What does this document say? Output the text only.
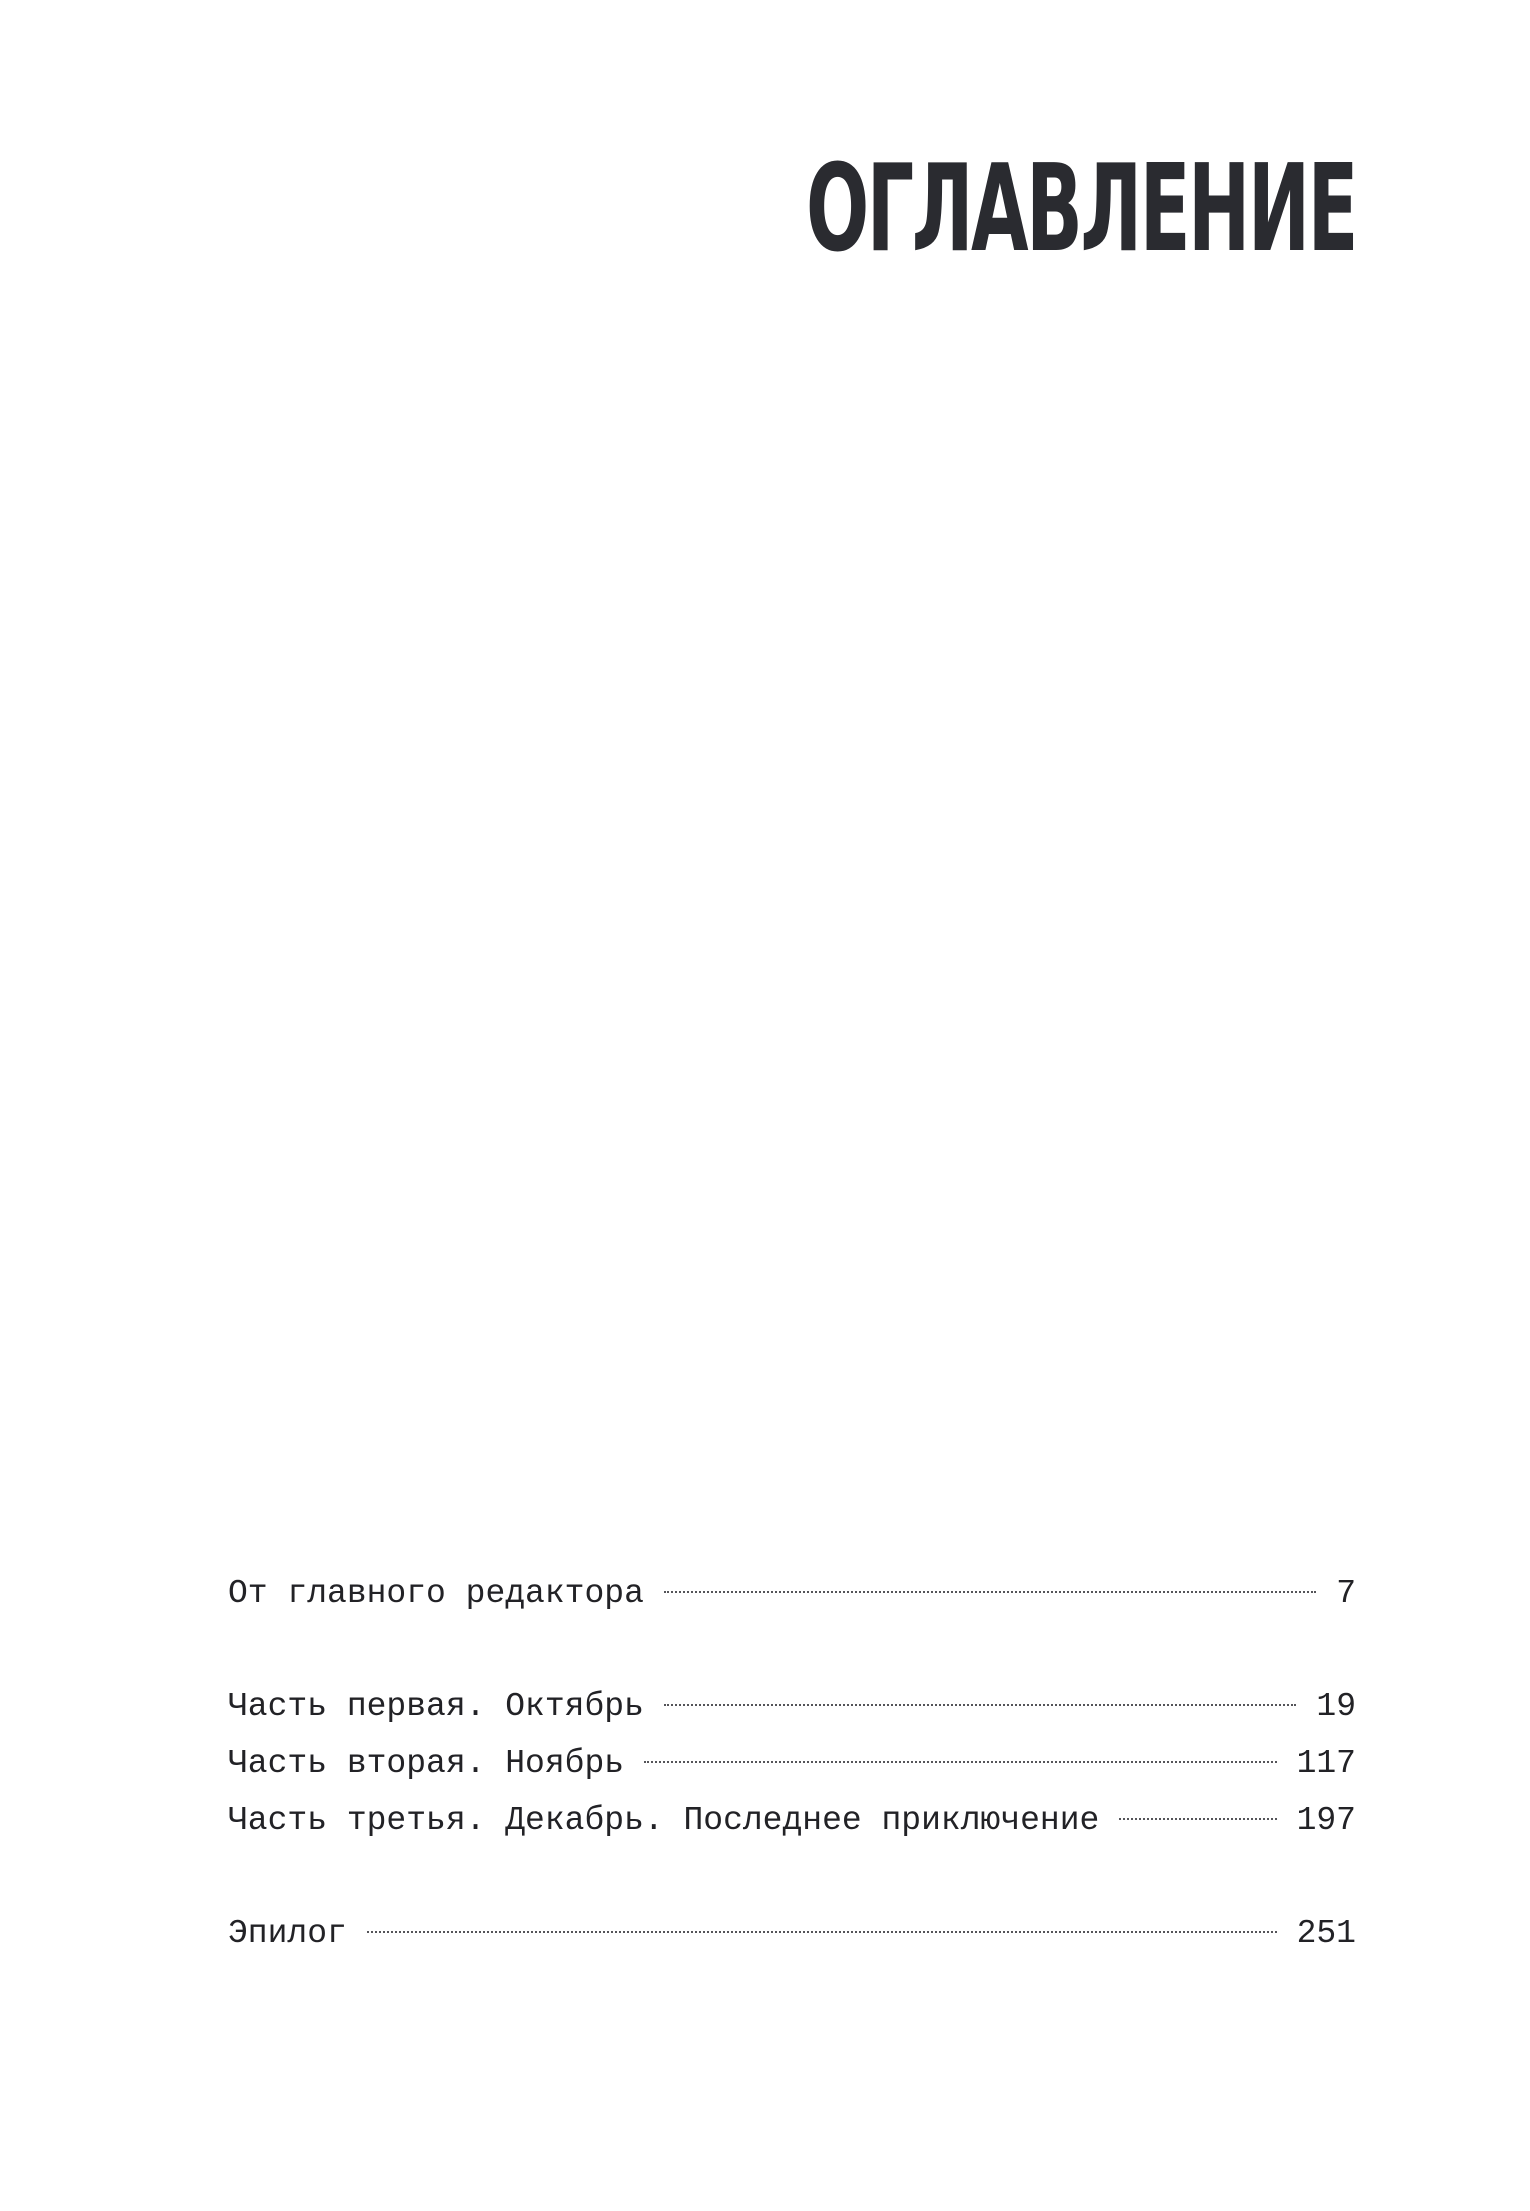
ОГЛАВЛЕНИЕ
От главного редактора	7
Часть первая. Октябрь	19
Часть вторая. Ноябрь	117
Часть третья. Декабрь. Последнее приключение	197
Эпилог	251
